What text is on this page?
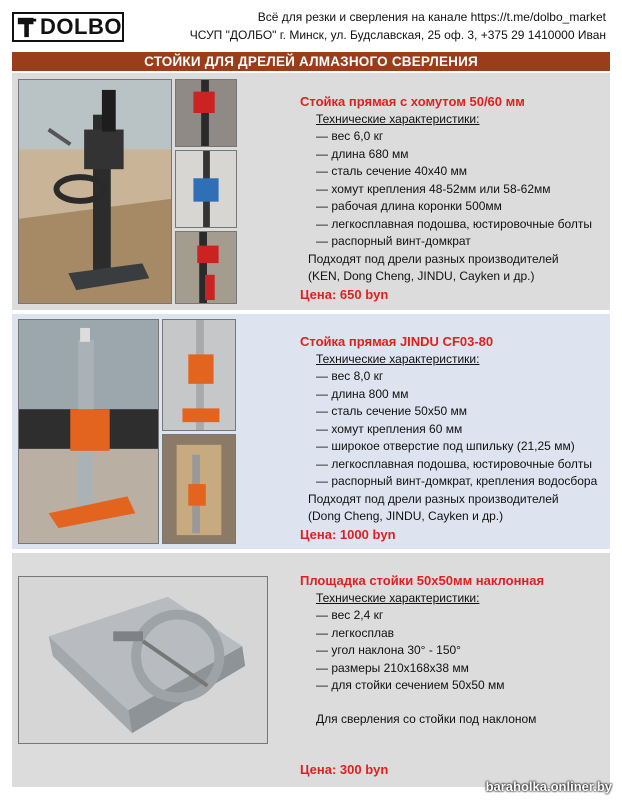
DOLBO	Всё для резки и сверления на канале https://t.me/dolbo_market
ЧСУП "ДОЛБО" г. Минск, ул. Будславская, 25 оф. 3, +375 29 1410000 Иван
СТОЙКИ ДЛЯ ДРЕЛЕЙ АЛМАЗНОГО СВЕРЛЕНИЯ
Стойка прямая с хомутом 50/60 мм
Технические характеристики:
— вес 6,0 кг
— длина 680 мм
— сталь сечение 40х40 мм
— хомут крепления 48-52мм или 58-62мм
— рабочая длина коронки 500мм
— легкосплавная подошва, юстировочные болты
— распорный винт-домкрат
Подходят под дрели разных производителей
(KEN, Dong Cheng, JINDU, Cayken и др.)
Цена: 650 byn
Стойка прямая JINDU CF03-80
Технические характеристики:
— вес 8,0 кг
— длина 800 мм
— сталь сечение 50х50 мм
— хомут крепления 60 мм
— широкое отверстие под шпильку (21,25 мм)
— легкосплавная подошва, юстировочные болты
— распорный винт-домкрат, крепления водосбора
Подходят под дрели разных производителей
(Dong Cheng, JINDU, Cayken и др.)
Цена: 1000 byn
Площадка стойки 50х50мм наклонная
Технические характеристики:
— вес 2,4 кг
— легкосплав
— угол наклона 30° - 150°
— размеры 210х168х38 мм
— для стойки сечением 50х50 мм
Для сверления со стойки под наклоном
Цена: 300 byn
baraholka.onliner.by
